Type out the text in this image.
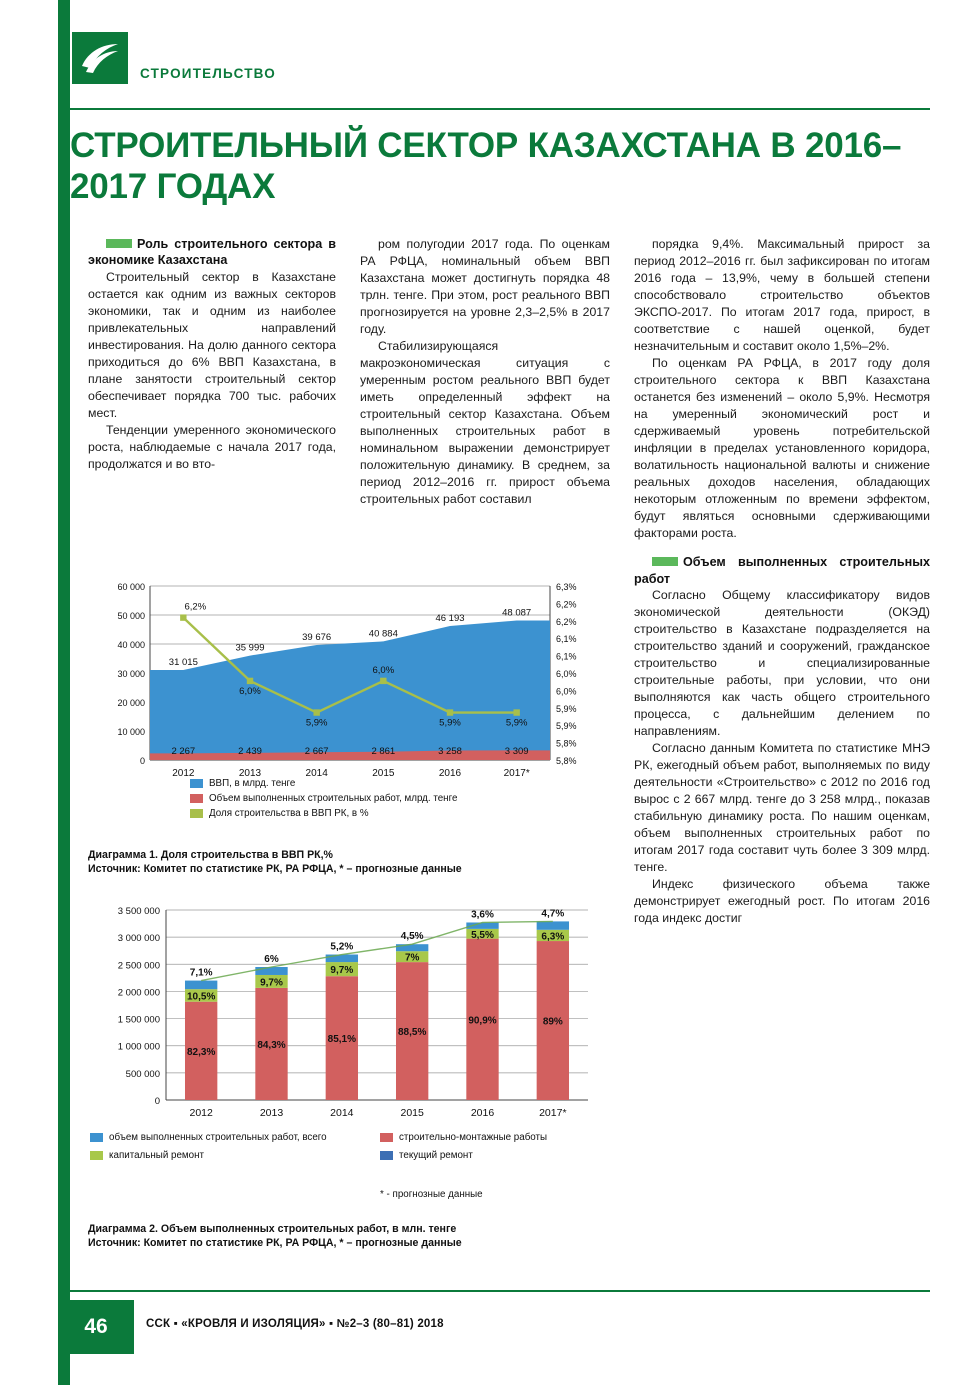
СТРОИТЕЛЬСТВО
СТРОИТЕЛЬНЫЙ СЕКТОР КАЗАХСТАНА В 2016–2017 ГОДАХ

Роль строительного сектора в экономике Казахстана

Строительный сектор в Казахстане остается как одним из важных секторов экономики, так и одним из наиболее привлекательных направлений инвестирования. На долю данного сектора приходиться до 6% ВВП Казахстана, в плане занятости строительный сектор обеспечивает порядка 700 тыс. рабочих мест.

Тенденции умеренного экономического роста, наблюдаемые с начала 2017 года, продолжатся и во вто-

ром полугодии 2017 года. По оценкам РА РФЦА, номинальный объем ВВП Казахстана может достигнуть порядка 48 трлн. тенге. При этом, рост реального ВВП прогнозируется на уровне 2,3–2,5% в 2017 году.

Стабилизирующаяся макроэкономическая ситуация с умеренным ростом реального ВВП будет иметь определенный эффект на строительный сектор Казахстана. Объем выполненных строительных работ в номинальном выражении демонстрирует положительную динамику. В среднем, за период 2012–2016 гг. прирост объема строительных работ составил

порядка 9,4%. Максимальный прирост за период 2012–2016 гг. был зафиксирован по итогам 2016 года – 13,9%, чему в большей степени способствовало строительство объектов ЭКСПО-2017. По итогам 2017 года, прирост, в соответствие с нашей оценкой, будет незначительным и составит около 1,5%–2%.

По оценкам РА РФЦА, в 2017 году доля строительного сектора к ВВП Казахстана останется без изменений – около 5,9%. Несмотря на умеренный экономический рост и сдерживаемый уровень потребительской инфляции в пределах установленного коридора, волатильность национальной валюты и снижение реальных доходов населения, обладающих некоторым отложенным по времени эффектом, будут являться основными сдерживающими факторами роста.

Объем выполненных строительных работ

Согласно Общему классификатору видов экономической деятельности (ОКЭД) строительство в Казахстане подразделяется на строительство зданий и сооружений, гражданское строительство и специализированные строительные работы, при условии, что они выполняются как часть общего строительного процесса, с дальнейшим делением по направлениям.

Согласно данным Комитета по статистике МНЭ РК, ежегодный объем работ, выполняемых по виду деятельности «Строительство» с 2012 по 2016 год вырос с 2 667 млрд. тенге до 3 258 млрд., показав стабильную динамику роста. По нашим оценкам, объем выполненных строительных работ по итогам 2017 года составит чуть более 3 309 млрд. тенге.

Индекс физического объема также демонстрирует ежегодный рост. По итогам 2016 года индекс достиг

0
10 000
20 000
30 000
40 000
50 000
60 000
5,8%
5,8%
5,9%
5,9%
6,0%
6,0%
6,1%
6,1%
6,2%
6,2%
6,3%
31 015
2 267
6,2%
35 999
2 439
6,0%
39 676
2 667
5,9%
40 884
2 861
6,0%
46 193
3 258
5,9%
48 087
3 309
5,9%
2012	2013	2014	2015	2016	2017*
ВВП, в млрд. тенге
Объем выполненных строительных работ, млрд. тенге
Доля строительства в ВВП РК, в %
Диаграмма 1. Доля строительства в ВВП РК,%
Источник: Комитет по статистике РК, РА РФЦА, * – прогнозные данные
0
500 000
1 000 000
1 500 000
2 000 000
2 500 000
3 000 000
3 500 000
82,3%
10,5%
7,1%
2012
84,3%
9,7%
6%
2013
85,1%
9,7%
5,2%
2014
88,5%
7%
4,5%
2015
90,9%
5,5%
3,6%
2016
89%
6,3%
4,7%
2017*
объем выполненных строительных работ, всего	строительно-монтажные работы
капитальный ремонт	текущий ремонт
* - прогнозные данные
Диаграмма 2. Объем выполненных строительных работ, в млн. тенге
Источник: Комитет по статистике РК, РА РФЦА, * – прогнозные данные
46	ССК ▪ «КРОВЛЯ И ИЗОЛЯЦИЯ» ▪ №2–3 (80–81) 2018
